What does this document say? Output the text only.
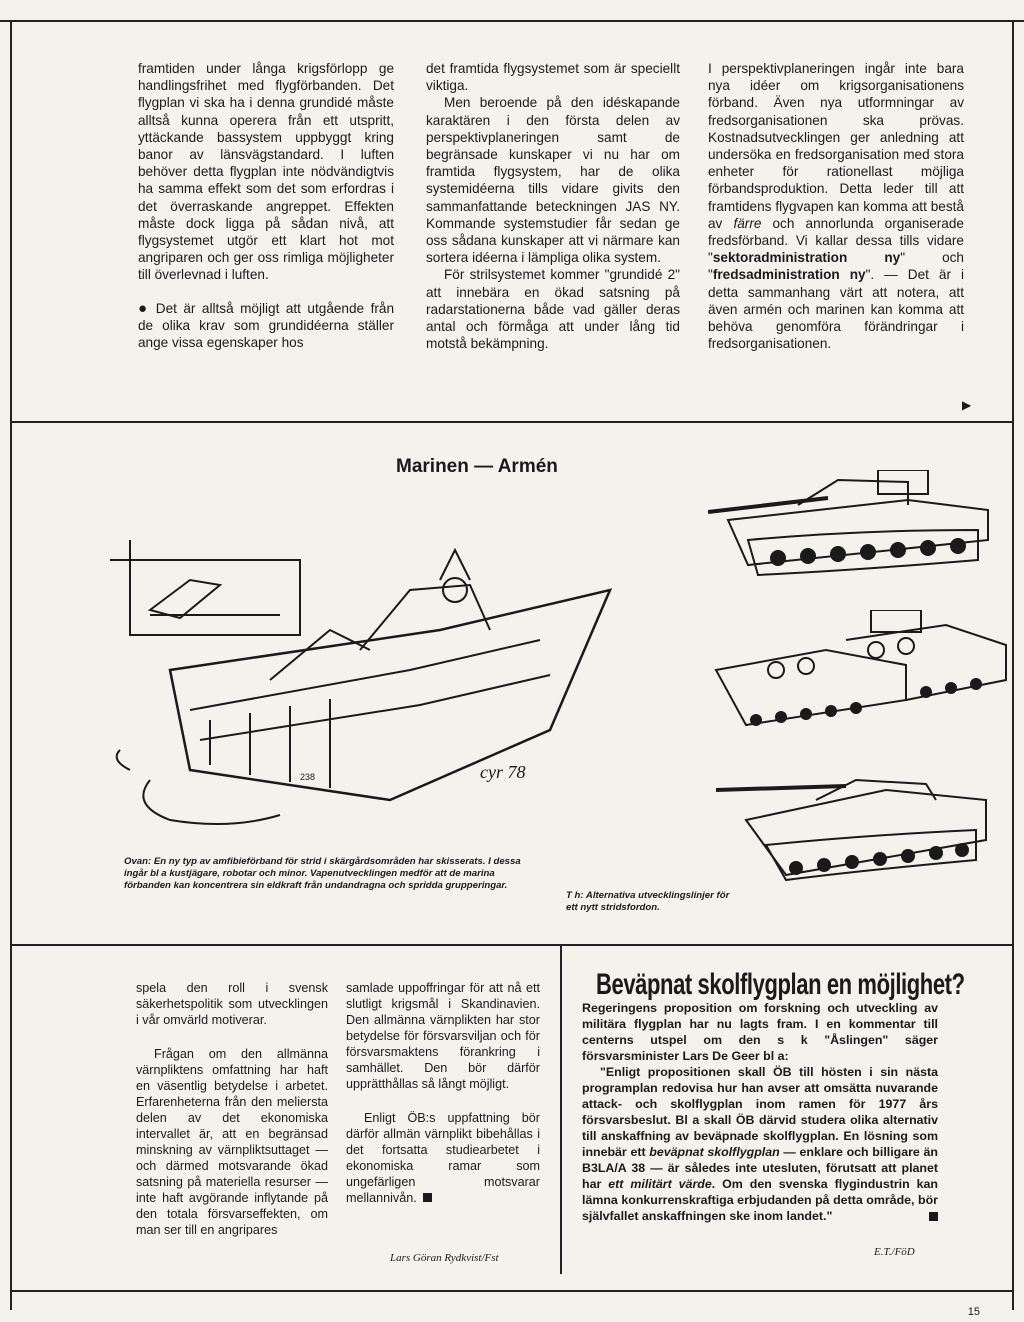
framtiden under långa krigsförlopp ge handlingsfrihet med flygförbanden. Det flygplan vi ska ha i denna grundidé måste alltså kunna operera från ett utspritt, yttäckande bassystem uppbyggt kring banor av länsvägstandard. I luften behöver detta flygplan inte nödvändigtvis ha samma effekt som det som erfordras i det överraskande angreppet. Effekten måste dock ligga på sådan nivå, att flygsystemet utgör ett klart hot mot angriparen och ger oss rimliga möjligheter till överlevnad i luften.

● Det är alltså möjligt att utgående från de olika krav som grundidéerna ställer ange vissa egenskaper hos

det framtida flygsystemet som är speciellt viktiga.

Men beroende på den idéskapande karaktären i den första delen av perspektivplaneringen samt de begränsade kunskaper vi nu har om framtida flygsystem, har de olika systemidéerna tills vidare givits den sammanfattande beteckningen JAS NY. Kommande systemstudier får sedan ge oss sådana kunskaper att vi närmare kan sortera idéerna i lämpliga olika system.

För strilsystemet kommer "grundidé 2" att innebära en ökad satsning på radarstationerna både vad gäller deras antal och förmåga att under lång tid motstå bekämpning.

I perspektivplaneringen ingår inte bara nya idéer om krigsorganisationens förband. Även nya utformningar av fredsorganisationen ska prövas. Kostnadsutvecklingen ger anledning att undersöka en fredsorganisation med stora enheter för rationellast möjliga förbandsproduktion. Detta leder till att framtidens flygvapen kan komma att bestå av färre och annorlunda organiserade fredsförband. Vi kallar dessa tills vidare "sektoradministration ny" och "fredsadministration ny". — Det är i detta sammanhang värt att notera, att även armén och marinen kan komma att behöva genomföra förändringar i fredsorganisationen.

▶
Marinen — Armén
238	cyr 78
Ovan: En ny typ av amfibieförband för strid i skärgårdsområden har skisserats. I dessa ingår bl a kustjägare, robotar och minor. Vapenutvecklingen medför att de marina förbanden kan koncentrera sin eldkraft från undandragna och spridda grupperingar.
T h: Alternativa utvecklingslinjer för ett nytt stridsfordon.

spela den roll i svensk säkerhetspolitik som utvecklingen i vår omvärld motiverar.

Frågan om den allmänna värnpliktens omfattning har haft en väsentlig betydelse i arbetet. Erfarenheterna från den meliersta delen av det ekonomiska intervallet är, att en begränsad minskning av värnpliktsuttaget — och därmed motsvarande ökad satsning på materiella resurser — inte haft avgörande inflytande på den totala försvarseffekten, om man ser till en angripares

samlade uppoffringar för att nå ett slutligt krigsmål i Skandinavien. Den allmänna värnplikten har stor betydelse för försvarsviljan och för försvarsmaktens förankring i samhället. Den bör därför upprätthållas så långt möjligt.

Enligt ÖB:s uppfattning bör därför allmän värnplikt bibehållas i det fortsatta studiearbetet i ekonomiska ramar som ungefärligen motsvarar mellannivån.

Lars Göran Rydkvist/Fst
Beväpnat skolflygplan en möjlighet?

Regeringens proposition om forskning och utveckling av militära flygplan har nu lagts fram. I en kommentar till centerns utspel om den s k "Åslingen" säger försvarsminister Lars De Geer bl a:

"Enligt propositionen skall ÖB till hösten i sin nästa programplan redovisa hur han avser att omsätta nuvarande attack- och skolflygplan inom ramen för 1977 års försvarsbeslut. Bl a skall ÖB därvid studera olika alternativ till anskaffning av beväpnade skolflygplan. En lösning som innebär ett beväpnat skolflygplan — enklare och billigare än B3LA/A 38 — är således inte utesluten, förutsatt att planet har ett militärt värde. Om den svenska flygindustrin kan lämna konkurrenskraftiga erbjudanden på detta område, bör självfallet anskaffningen ske inom landet."

E.T./FöD
15
